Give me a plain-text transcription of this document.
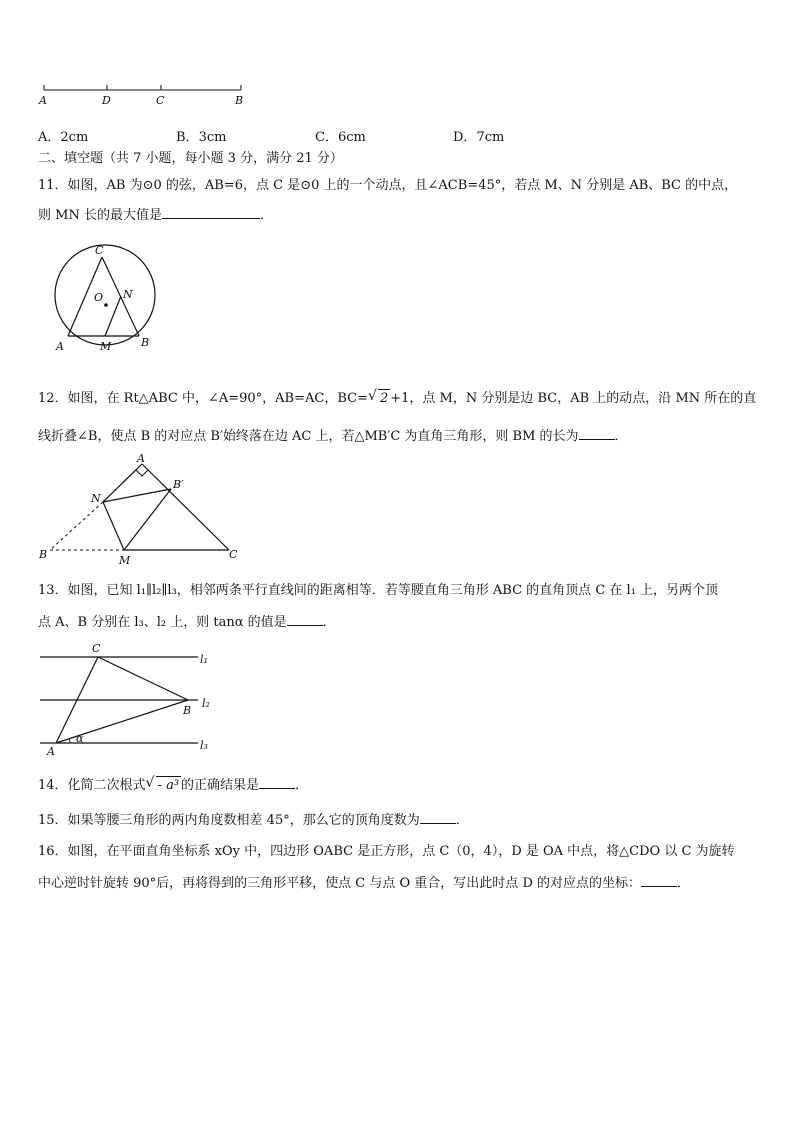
A	D	C	B
A．2cm	B．3cm	C．6cm	D．7cm
二、填空题（共 7 小题，每小题 3 分，满分 21 分）
11．如图，AB 为⊙0 的弦，AB=6，点 C 是⊙0 上的一个动点，且∠ACB=45°，若点 M、N 分别是 AB、BC 的中点，
则 MN 长的最大值是	．
C
O N
A	M	B
12．如图，在 Rt△ABC 中，∠A=90°，AB=AC，BC= √ 2 +1，点 M，N 分别是边 BC，AB 上的动点，沿 MN 所在的直
线折叠∠B，使点 B 的对应点 B′始终落在边 AC 上，若△MB′C 为直角三角形，则 BM 的长为	．
A
N
B′
B	M	C
13．如图，已知 l₁∥l₂∥l₃，相邻两条平行直线间的距离相等．若等腰直角三角形 ABC 的直角顶点 C 在 l₁ 上，另两个顶
点 A、B 分别在 l₃、l₂ 上，则 tanα 的值是	．
C
l₁
B
l₂
A
α
l₃
14．化简二次根式 √ - a³ 的正确结果是	．
15．如果等腰三角形的两内角度数相差 45°，那么它的顶角度数为	．
16．如图，在平面直角坐标系 xOy 中，四边形 OABC 是正方形，点 C（0，4），D 是 OA 中点，将△CDO 以 C 为旋转
中心逆时针旋转 90°后，再将得到的三角形平移，使点 C 与点 O 重合，写出此时点 D 的对应点的坐标：	．
